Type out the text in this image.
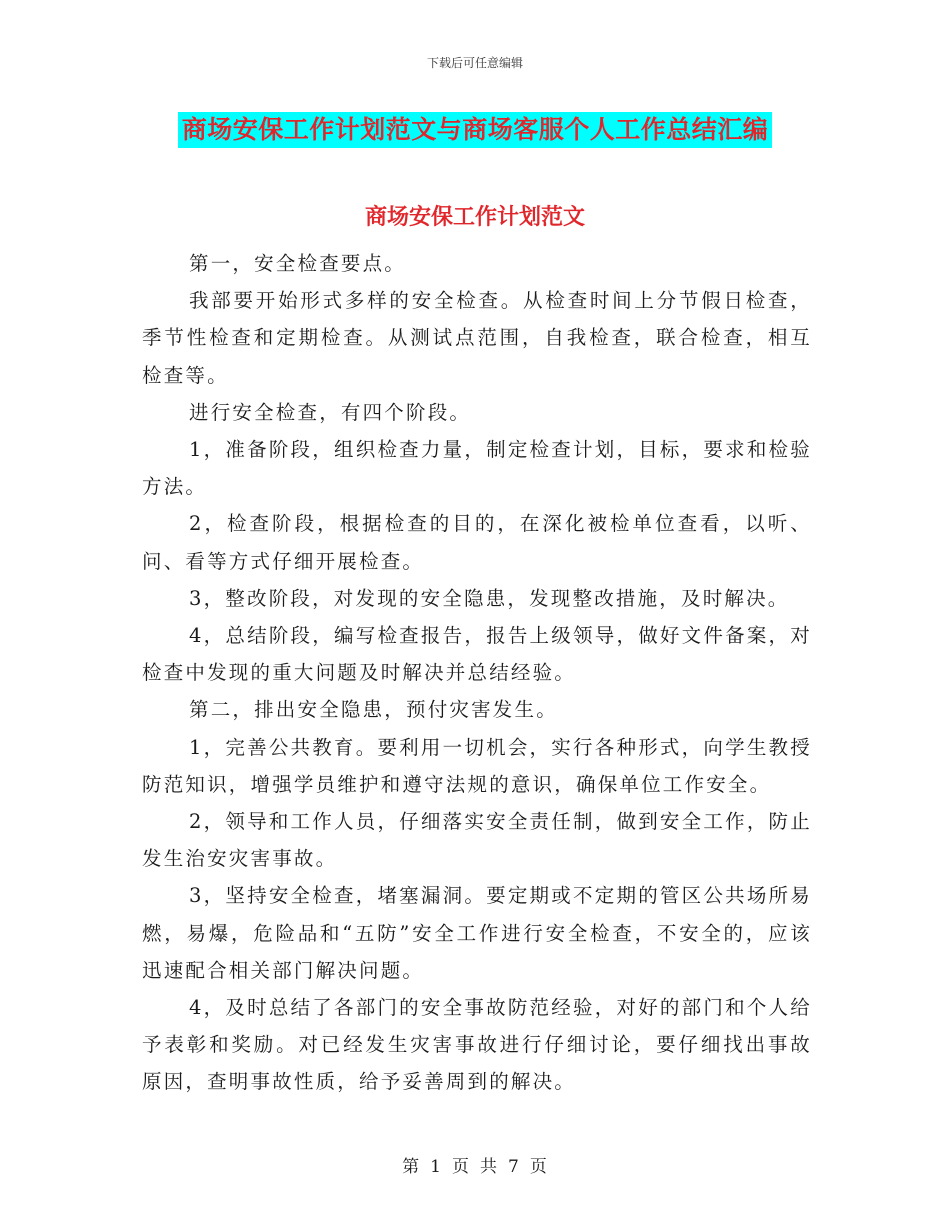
下载后可任意编辑
商场安保工作计划范文与商场客服个人工作总结汇编
商场安保工作计划范文

第一，安全检查要点。

我部要开始形式多样的安全检查。从检查时间上分节假日检查，季节性检查和定期检查。从测试点范围，自我检查，联合检查，相互检查等。

进行安全检查，有四个阶段。

1，准备阶段，组织检查力量，制定检查计划，目标，要求和检验方法。

2，检查阶段，根据检查的目的，在深化被检单位查看，以听、问、看等方式仔细开展检查。

3，整改阶段，对发现的安全隐患，发现整改措施，及时解决。

4，总结阶段，编写检查报告，报告上级领导，做好文件备案，对检查中发现的重大问题及时解决并总结经验。

第二，排出安全隐患，预付灾害发生。

1，完善公共教育。要利用一切机会，实行各种形式，向学生教授防范知识，增强学员维护和遵守法规的意识，确保单位工作安全。

2，领导和工作人员，仔细落实安全责任制，做到安全工作，防止发生治安灾害事故。

3，坚持安全检查，堵塞漏洞。要定期或不定期的管区公共场所易燃，易爆，危险品和“五防”安全工作进行安全检查，不安全的，应该迅速配合相关部门解决问题。

4，及时总结了各部门的安全事故防范经验，对好的部门和个人给予表彰和奖励。对已经发生灾害事故进行仔细讨论，要仔细找出事故原因，查明事故性质，给予妥善周到的解决。

第 1 页 共 7 页
